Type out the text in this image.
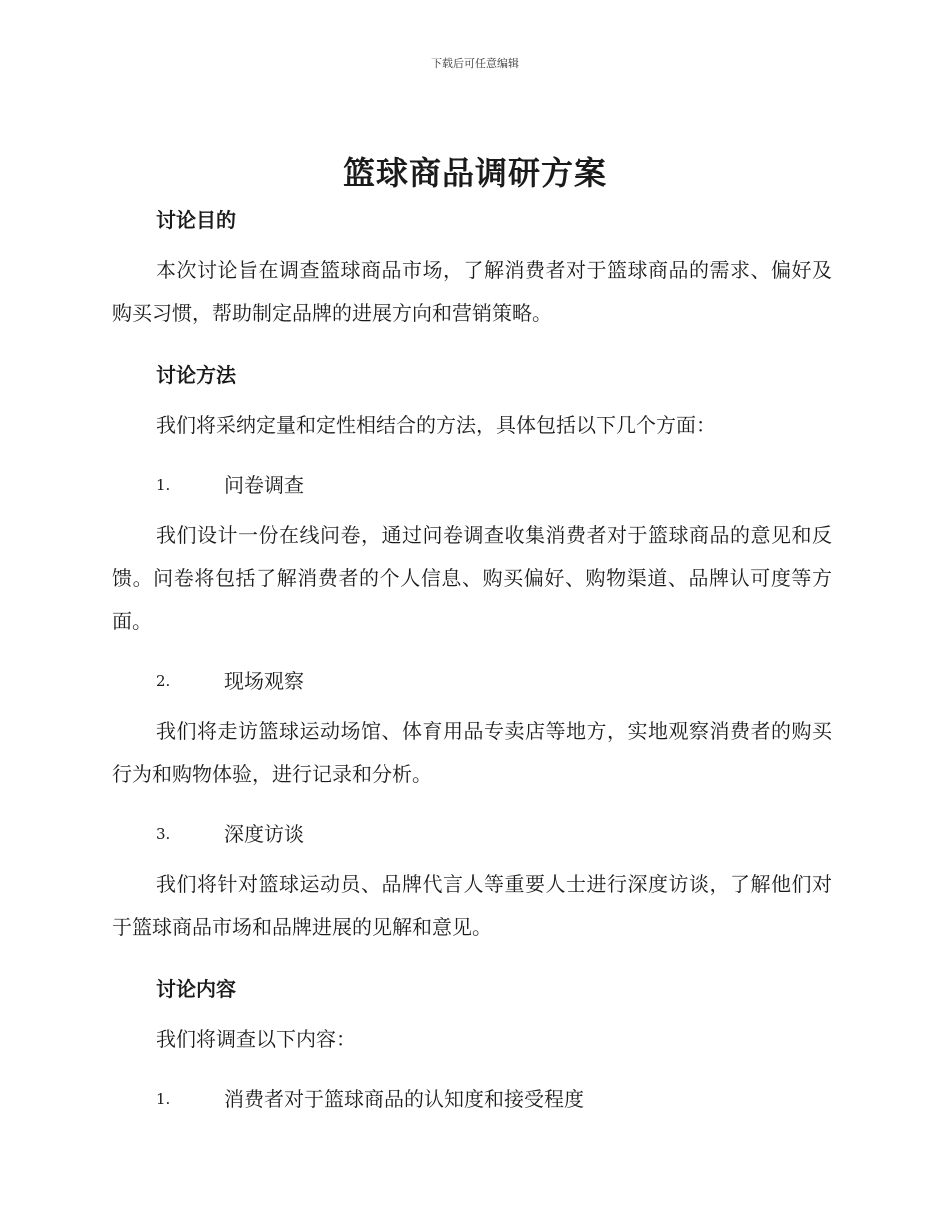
下载后可任意编辑
篮球商品调研方案
讨论目的

本次讨论旨在调查篮球商品市场，了解消费者对于篮球商品的需求、偏好及购买习惯，帮助制定品牌的进展方向和营销策略。

讨论方法

我们将采纳定量和定性相结合的方法，具体包括以下几个方面：

1.	问卷调查

我们设计一份在线问卷，通过问卷调查收集消费者对于篮球商品的意见和反馈。问卷将包括了解消费者的个人信息、购买偏好、购物渠道、品牌认可度等方面。

2.	现场观察

我们将走访篮球运动场馆、体育用品专卖店等地方，实地观察消费者的购买行为和购物体验，进行记录和分析。

3.	深度访谈

我们将针对篮球运动员、品牌代言人等重要人士进行深度访谈，了解他们对于篮球商品市场和品牌进展的见解和意见。

讨论内容

我们将调查以下内容：

1.	消费者对于篮球商品的认知度和接受程度
